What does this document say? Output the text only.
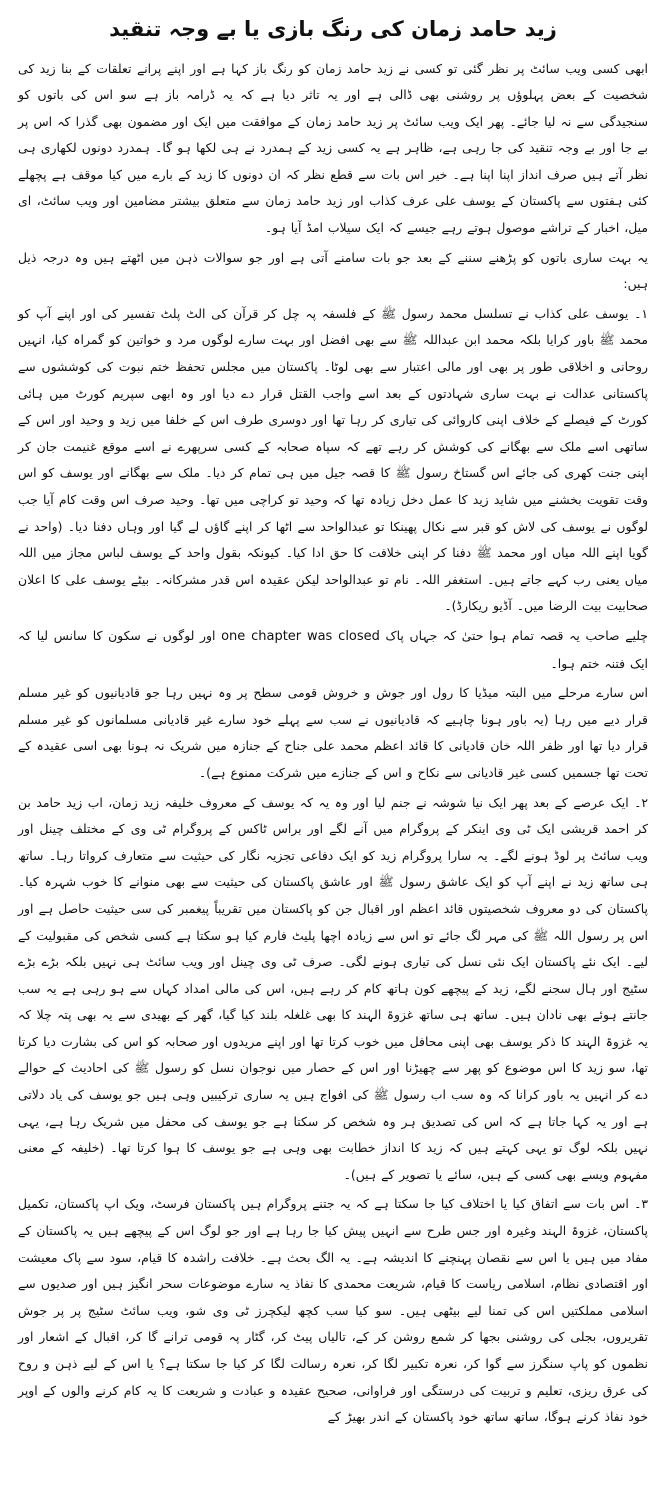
زید حامد زمان کی رنگ بازی یا بے وجہ تنقید

ابھی کسی ویب سائٹ پر نظر گئی تو کسی نے زید حامد زمان کو رنگ باز کہا ہے اور اپنے پرانے تعلقات کے بنا زید کی شخصیت کے بعض پہلوؤں پر روشنی بھی ڈالی ہے اور یہ تاثر دیا ہے کہ یہ ڈرامہ باز ہے سو اس کی باتوں کو سنجیدگی سے نہ لیا جائے۔ پھر ایک ویب سائٹ پر زید حامد زمان کے موافقت میں ایک اور مضمون بھی گذرا کہ اس پر بے جا اور بے وجہ تنقید کی جا رہی ہے، ظاہر ہے یہ کسی زید کے ہمدرد نے ہی لکھا ہو گا۔ ہمدرد دونوں لکھاری ہی نظر آتے ہیں صرف انداز اپنا اپنا ہے۔ خیر اس بات سے قطع نظر کہ ان دونوں کا زید کے بارے میں کیا موقف ہے پچھلے کئی ہفتوں سے پاکستان کے یوسف علی عرف کذاب اور زید حامد زمان سے متعلق بیشتر مضامین اور ویب سائٹ، ای میل، اخبار کے تراشے موصول ہوتے رہے جیسے کہ ایک سیلاب امڈ آیا ہو۔

یہ بہت ساری باتوں کو پڑھنے سننے کے بعد جو بات سامنے آتی ہے اور جو سوالات ذہن میں اٹھتے ہیں وہ درجہ ذیل ہیں:

۱۔ یوسف علی کذاب نے تسلسل محمد رسول ﷺ کے فلسفہ پہ چل کر قرآن کی الٹ پلٹ تفسیر کی اور اپنے آپ کو محمد ﷺ باور کرایا بلکہ محمد ابن عبداللہ ﷺ سے بھی افضل اور بہت سارے لوگوں مرد و خواتین کو گمراہ کیا، انہیں روحانی و اخلاقی طور پر بھی اور مالی اعتبار سے بھی لوٹا۔ پاکستان میں مجلس تحفظ ختم نبوت کی کوششوں سے پاکستانی عدالت نے بہت ساری شہادتوں کے بعد اسے واجب القتل قرار دے دیا اور وہ ابھی سپریم کورٹ میں ہائی کورٹ کے فیصلے کے خلاف اپنی کاروائی کی تیاری کر رہا تھا اور دوسری طرف اس کے خلفا میں زید و وحید اور اس کے ساتھی اسے ملک سے بھگانے کی کوشش کر رہے تھے کہ سپاہ صحابہ کے کسی سرپھرے نے اسے موقع غنیمت جان کر اپنی جنت کھری کی جائے اس گستاخ رسول ﷺ کا قصہ جیل میں ہی تمام کر دیا۔ ملک سے بھگانے اور یوسف کو اس وقت تقویت بخشنے میں شاید زید کا عمل دخل زیادہ تھا کہ وحید تو کراچی میں تھا۔ وحید صرف اس وقت کام آیا جب لوگوں نے یوسف کی لاش کو قبر سے نکال پھینکا تو عبدالواحد سے اٹھا کر اپنے گاؤں لے گیا اور وہاں دفنا دیا۔ (واحد نے گویا اپنے اللہ میاں اور محمد ﷺ دفنا کر اپنی خلافت کا حق ادا کیا۔ کیونکہ بقول واحد کے یوسف لباس مجاز میں اللہ میاں یعنی رب کہے جاتے ہیں۔ استغفر اللہ۔ نام تو عبدالواحد لیکن عقیدہ اس قدر مشرکانہ۔ بیٹے یوسف علی کا اعلان صحابیت بیت الرضا میں۔ آڈیو ریکارڈ)۔

چلیے صاحب یہ قصہ تمام ہوا حتیٰ کہ جہاں پاک one chapter was closed اور لوگوں نے سکون کا سانس لیا کہ ایک فتنہ ختم ہوا۔

اس سارے مرحلے میں البتہ میڈیا کا رول اور جوش و خروش قومی سطح پر وہ نہیں رہا جو قادیانیوں کو غیر مسلم قرار دیے میں رہا (یہ باور ہونا چاہیے کہ قادیانیوں نے سب سے پہلے خود سارے غیر قادیانی مسلمانوں کو غیر مسلم قرار دیا تھا اور ظفر اللہ خان قادیانی کا قائد اعظم محمد علی جناح کے جنازہ میں شریک نہ ہونا بھی اسی عقیدہ کے تحت تھا جسمیں کسی غیر قادیانی سے نکاح و اس کے جنازے میں شرکت ممنوع ہے)۔

۲۔ ایک عرصے کے بعد پھر ایک نیا شوشہ نے جنم لیا اور وہ یہ کہ یوسف کے معروف خلیفہ زید زمان، اب زید حامد بن کر احمد قریشی ایک ٹی وی اینکر کے پروگرام میں آنے لگے اور براس ٹاکس کے پروگرام ٹی وی کے مختلف چینل اور ویب سائٹ پر لوڈ ہونے لگے۔ یہ سارا پروگرام زید کو ایک دفاعی تجزیہ نگار کی حیثیت سے متعارف کرواتا رہا۔ ساتھ ہی ساتھ زید نے اپنے آپ کو ایک عاشق رسول ﷺ اور عاشق پاکستان کی حیثیت سے بھی منوانے کا خوب شہرہ کیا۔ پاکستان کی دو معروف شخصیتوں قائد اعظم اور اقبال جن کو پاکستان میں تقریباً پیغمبر کی سی حیثیت حاصل ہے اور اس پر رسول اللہ ﷺ کی مہر لگ جائے تو اس سے زیادہ اچھا پلیٹ فارم کیا ہو سکتا ہے کسی شخص کی مقبولیت کے لیے۔ ایک نئے پاکستان ایک نئی نسل کی تیاری ہونے لگی۔ صرف ٹی وی چینل اور ویب سائٹ ہی نہیں بلکہ بڑے بڑے سٹیج اور ہال سجنے لگے، زید کے پیچھے کون ہاتھ کام کر رہے ہیں، اس کی مالی امداد کہاں سے ہو رہی ہے یہ سب جانتے ہوئے بھی نادان ہیں۔ ساتھ ہی ساتھ غزوۃ الہند کا بھی غلغلہ بلند کیا گیا، گھر کے بھیدی سے یہ بھی پتہ چلا کہ یہ غزوۃ الہند کا ذکر یوسف بھی اپنی محافل میں خوب کرتا تھا اور اپنے مریدوں اور صحابہ کو اس کی بشارت دیا کرتا تھا، سو زید کا اس موضوع کو پھر سے چھیڑنا اور اس کے حصار میں نوجوان نسل کو رسول ﷺ کی احادیث کے حوالے دے کر انہیں یہ باور کرانا کہ وہ سب اب رسول ﷺ کی افواج ہیں یہ ساری ترکیبیں وہی ہیں جو یوسف کی یاد دلاتی ہے اور یہ کہا جاتا ہے کہ اس کی تصدیق ہر وہ شخص کر سکتا ہے جو یوسف کی محفل میں شریک رہا ہے، یہی نہیں بلکہ لوگ تو یہی کہتے ہیں کہ زید کا انداز خطابت بھی وہی ہے جو یوسف کا ہوا کرتا تھا۔ (خلیفہ کے معنی مفہوم ویسے بھی کسی کے ہیں، سائے یا تصویر کے ہیں)۔

۳۔ اس بات سے اتفاق کیا یا اختلاف کیا جا سکتا ہے کہ یہ جتنے پروگرام ہیں پاکستان فرسٹ، ویک اپ پاکستان، تکمیل پاکستان، غزوۃ الہند وغیرہ اور جس طرح سے انہیں پیش کیا جا رہا ہے اور جو لوگ اس کے پیچھے ہیں یہ پاکستان کے مفاد میں ہیں یا اس سے نقصان پہنچنے کا اندیشہ ہے۔ یہ الگ بحث ہے۔ خلافت راشدہ کا قیام، سود سے پاک معیشت اور اقتصادی نظام، اسلامی ریاست کا قیام، شریعت محمدی کا نفاذ یہ سارے موضوعات سحر انگیز ہیں اور صدیوں سے اسلامی مملکتیں اس کی تمنا لیے بیٹھی ہیں۔ سو کیا سب کچھ لیکچرز ٹی وی شو، ویب سائٹ سٹیج پر پر جوش تقریروں، بجلی کی روشنی بجھا کر شمع روشن کر کے، تالیاں پیٹ کر، گٹار پہ قومی ترانے گا کر، اقبال کے اشعار اور نظموں کو پاپ سنگرز سے گوا کر، نعرہ تکبیر لگا کر، نعرہ رسالت لگا کر کیا جا سکتا ہے؟ یا اس کے لیے ذہن و روح کی عرق ریزی، تعلیم و تربیت کی درستگی اور فراوانی، صحیح عقیدہ و عبادت و شریعت کا یہ کام کرنے والوں کے اوپر خود نفاذ کرنے ہوگا، ساتھ ساتھ خود پاکستان کے اندر بھیڑ کے
